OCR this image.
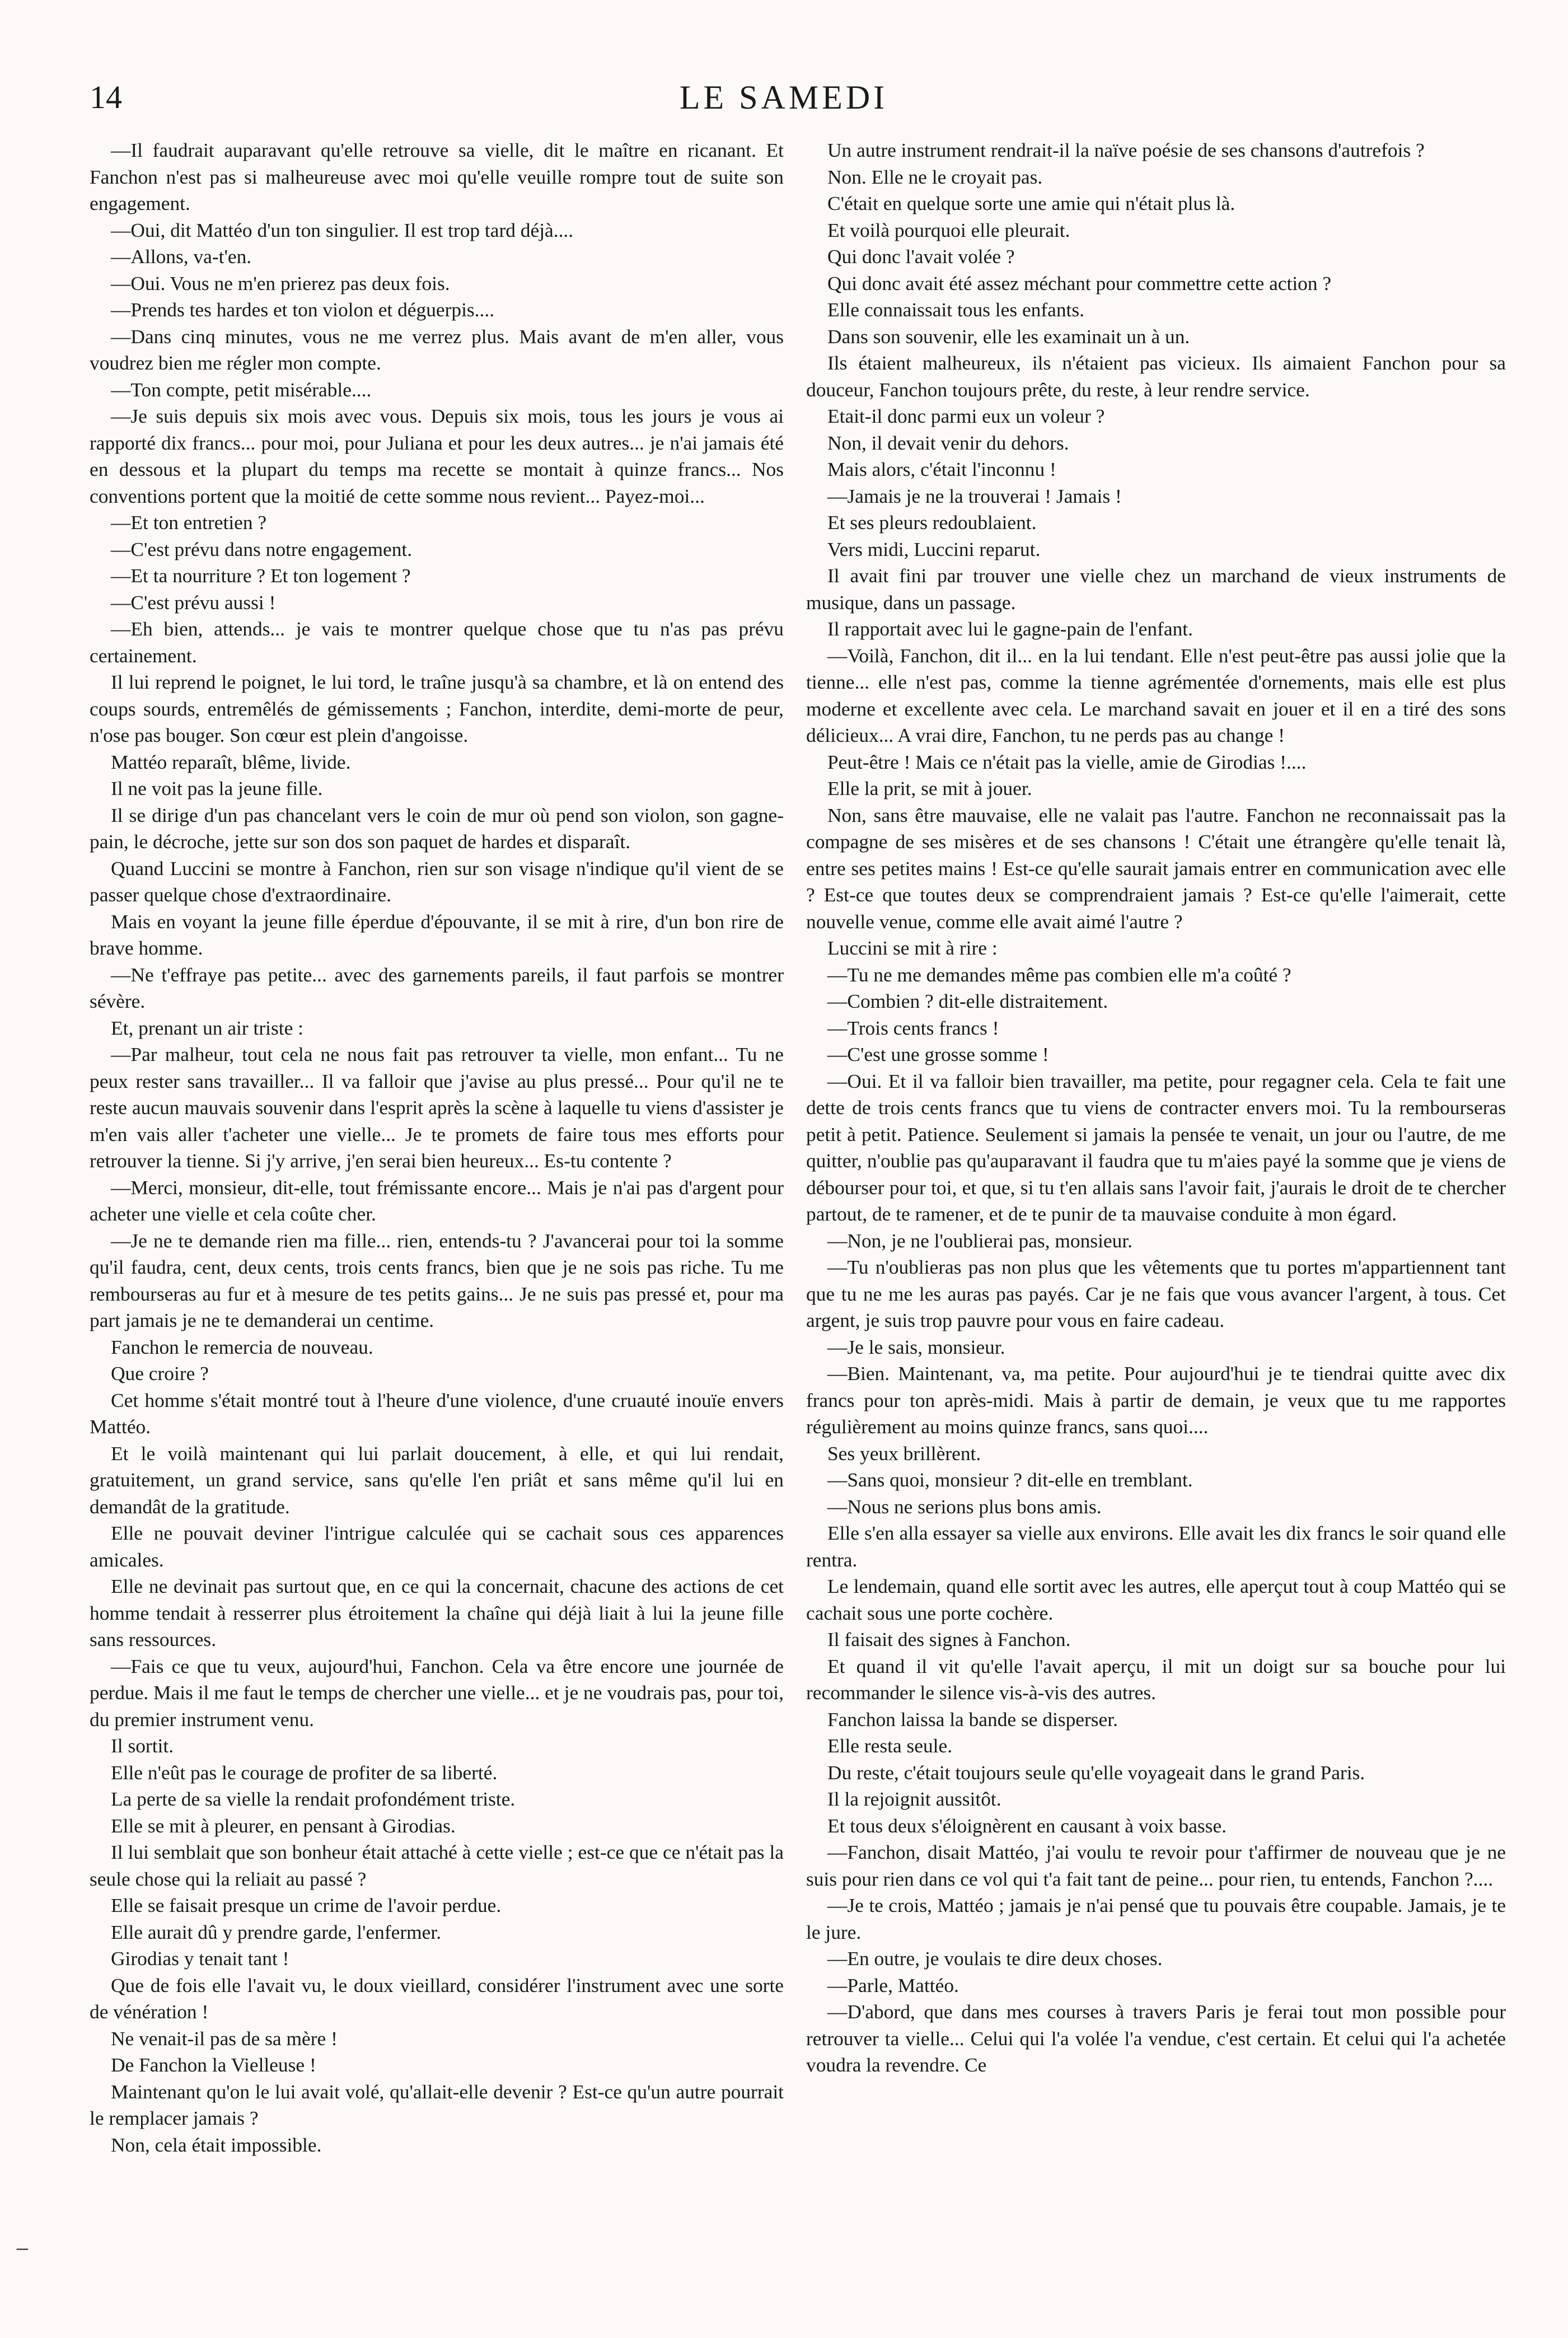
14	LE SAMEDI

—Il faudrait auparavant qu'elle retrouve sa vielle, dit le maître en ricanant. Et Fanchon n'est pas si malheureuse avec moi qu'elle veuille rompre tout de suite son engagement.

—Oui, dit Mattéo d'un ton singulier. Il est trop tard déjà....

—Allons, va-t'en.

—Oui. Vous ne m'en prierez pas deux fois.

—Prends tes hardes et ton violon et déguerpis....

—Dans cinq minutes, vous ne me verrez plus. Mais avant de m'en aller, vous voudrez bien me régler mon compte.

—Ton compte, petit misérable....

—Je suis depuis six mois avec vous. Depuis six mois, tous les jours je vous ai rapporté dix francs... pour moi, pour Juliana et pour les deux autres... je n'ai jamais été en dessous et la plupart du temps ma recette se montait à quinze francs... Nos conventions portent que la moitié de cette somme nous revient... Payez-moi...

—Et ton entretien ?

—C'est prévu dans notre engagement.

—Et ta nourriture ? Et ton logement ?

—C'est prévu aussi !

—Eh bien, attends... je vais te montrer quelque chose que tu n'as pas prévu certainement.

Il lui reprend le poignet, le lui tord, le traîne jusqu'à sa chambre, et là on entend des coups sourds, entremêlés de gémissements ; Fanchon, interdite, demi-morte de peur, n'ose pas bouger. Son cœur est plein d'angoisse.

Mattéo reparaît, blême, livide.

Il ne voit pas la jeune fille.

Il se dirige d'un pas chancelant vers le coin de mur où pend son violon, son gagne-pain, le décroche, jette sur son dos son paquet de hardes et disparaît.

Quand Luccini se montre à Fanchon, rien sur son visage n'indique qu'il vient de se passer quelque chose d'extraordinaire.

Mais en voyant la jeune fille éperdue d'épouvante, il se mit à rire, d'un bon rire de brave homme.

—Ne t'effraye pas petite... avec des garnements pareils, il faut parfois se montrer sévère.

Et, prenant un air triste :

—Par malheur, tout cela ne nous fait pas retrouver ta vielle, mon enfant... Tu ne peux rester sans travailler... Il va falloir que j'avise au plus pressé... Pour qu'il ne te reste aucun mauvais souvenir dans l'esprit après la scène à laquelle tu viens d'assister je m'en vais aller t'acheter une vielle... Je te promets de faire tous mes efforts pour retrouver la tienne. Si j'y arrive, j'en serai bien heureux... Es-tu contente ?

—Merci, monsieur, dit-elle, tout frémissante encore... Mais je n'ai pas d'argent pour acheter une vielle et cela coûte cher.

—Je ne te demande rien ma fille... rien, entends-tu ? J'avancerai pour toi la somme qu'il faudra, cent, deux cents, trois cents francs, bien que je ne sois pas riche. Tu me rembourseras au fur et à mesure de tes petits gains... Je ne suis pas pressé et, pour ma part jamais je ne te demanderai un centime.

Fanchon le remercia de nouveau.

Que croire ?

Cet homme s'était montré tout à l'heure d'une violence, d'une cruauté inouïe envers Mattéo.

Et le voilà maintenant qui lui parlait doucement, à elle, et qui lui rendait, gratuitement, un grand service, sans qu'elle l'en priât et sans même qu'il lui en demandât de la gratitude.

Elle ne pouvait deviner l'intrigue calculée qui se cachait sous ces apparences amicales.

Elle ne devinait pas surtout que, en ce qui la concernait, chacune des actions de cet homme tendait à resserrer plus étroitement la chaîne qui déjà liait à lui la jeune fille sans ressources.

—Fais ce que tu veux, aujourd'hui, Fanchon. Cela va être encore une journée de perdue. Mais il me faut le temps de chercher une vielle... et je ne voudrais pas, pour toi, du premier instrument venu.

Il sortit.

Elle n'eût pas le courage de profiter de sa liberté.

La perte de sa vielle la rendait profondément triste.

Elle se mit à pleurer, en pensant à Girodias.

Il lui semblait que son bonheur était attaché à cette vielle ; est-ce que ce n'était pas la seule chose qui la reliait au passé ?

Elle se faisait presque un crime de l'avoir perdue.

Elle aurait dû y prendre garde, l'enfermer.

Girodias y tenait tant !

Que de fois elle l'avait vu, le doux vieillard, considérer l'instrument avec une sorte de vénération !

Ne venait-il pas de sa mère !

De Fanchon la Vielleuse !

Maintenant qu'on le lui avait volé, qu'allait-elle devenir ? Est-ce qu'un autre pourrait le remplacer jamais ?

Non, cela était impossible.

Un autre instrument rendrait-il la naïve poésie de ses chansons d'autrefois ?

Non. Elle ne le croyait pas.

C'était en quelque sorte une amie qui n'était plus là.

Et voilà pourquoi elle pleurait.

Qui donc l'avait volée ?

Qui donc avait été assez méchant pour commettre cette action ?

Elle connaissait tous les enfants.

Dans son souvenir, elle les examinait un à un.

Ils étaient malheureux, ils n'étaient pas vicieux. Ils aimaient Fanchon pour sa douceur, Fanchon toujours prête, du reste, à leur rendre service.

Etait-il donc parmi eux un voleur ?

Non, il devait venir du dehors.

Mais alors, c'était l'inconnu !

—Jamais je ne la trouverai ! Jamais !

Et ses pleurs redoublaient.

Vers midi, Luccini reparut.

Il avait fini par trouver une vielle chez un marchand de vieux instruments de musique, dans un passage.

Il rapportait avec lui le gagne-pain de l'enfant.

—Voilà, Fanchon, dit il... en la lui tendant. Elle n'est peut-être pas aussi jolie que la tienne... elle n'est pas, comme la tienne agrémentée d'ornements, mais elle est plus moderne et excellente avec cela. Le marchand savait en jouer et il en a tiré des sons délicieux... A vrai dire, Fanchon, tu ne perds pas au change !

Peut-être ! Mais ce n'était pas la vielle, amie de Girodias !....

Elle la prit, se mit à jouer.

Non, sans être mauvaise, elle ne valait pas l'autre. Fanchon ne reconnaissait pas la compagne de ses misères et de ses chansons ! C'était une étrangère qu'elle tenait là, entre ses petites mains ! Est-ce qu'elle saurait jamais entrer en communication avec elle ? Est-ce que toutes deux se comprendraient jamais ? Est-ce qu'elle l'aimerait, cette nouvelle venue, comme elle avait aimé l'autre ?

Luccini se mit à rire :

—Tu ne me demandes même pas combien elle m'a coûté ?

—Combien ? dit-elle distraitement.

—Trois cents francs !

—C'est une grosse somme !

—Oui. Et il va falloir bien travailler, ma petite, pour regagner cela. Cela te fait une dette de trois cents francs que tu viens de contracter envers moi. Tu la rembourseras petit à petit. Patience. Seulement si jamais la pensée te venait, un jour ou l'autre, de me quitter, n'oublie pas qu'auparavant il faudra que tu m'aies payé la somme que je viens de débourser pour toi, et que, si tu t'en allais sans l'avoir fait, j'aurais le droit de te chercher partout, de te ramener, et de te punir de ta mauvaise conduite à mon égard.

—Non, je ne l'oublierai pas, monsieur.

—Tu n'oublieras pas non plus que les vêtements que tu portes m'appartiennent tant que tu ne me les auras pas payés. Car je ne fais que vous avancer l'argent, à tous. Cet argent, je suis trop pauvre pour vous en faire cadeau.

—Je le sais, monsieur.

—Bien. Maintenant, va, ma petite. Pour aujourd'hui je te tiendrai quitte avec dix francs pour ton après-midi. Mais à partir de demain, je veux que tu me rapportes régulièrement au moins quinze francs, sans quoi....

Ses yeux brillèrent.

—Sans quoi, monsieur ? dit-elle en tremblant.

—Nous ne serions plus bons amis.

Elle s'en alla essayer sa vielle aux environs. Elle avait les dix francs le soir quand elle rentra.

Le lendemain, quand elle sortit avec les autres, elle aperçut tout à coup Mattéo qui se cachait sous une porte cochère.

Il faisait des signes à Fanchon.

Et quand il vit qu'elle l'avait aperçu, il mit un doigt sur sa bouche pour lui recommander le silence vis-à-vis des autres.

Fanchon laissa la bande se disperser.

Elle resta seule.

Du reste, c'était toujours seule qu'elle voyageait dans le grand Paris.

Il la rejoignit aussitôt.

Et tous deux s'éloignèrent en causant à voix basse.

—Fanchon, disait Mattéo, j'ai voulu te revoir pour t'affirmer de nouveau que je ne suis pour rien dans ce vol qui t'a fait tant de peine... pour rien, tu entends, Fanchon ?....

—Je te crois, Mattéo ; jamais je n'ai pensé que tu pouvais être coupable. Jamais, je te le jure.

—En outre, je voulais te dire deux choses.

—Parle, Mattéo.

—D'abord, que dans mes courses à travers Paris je ferai tout mon possible pour retrouver ta vielle... Celui qui l'a volée l'a vendue, c'est certain. Et celui qui l'a achetée voudra la revendre. Ce

–
